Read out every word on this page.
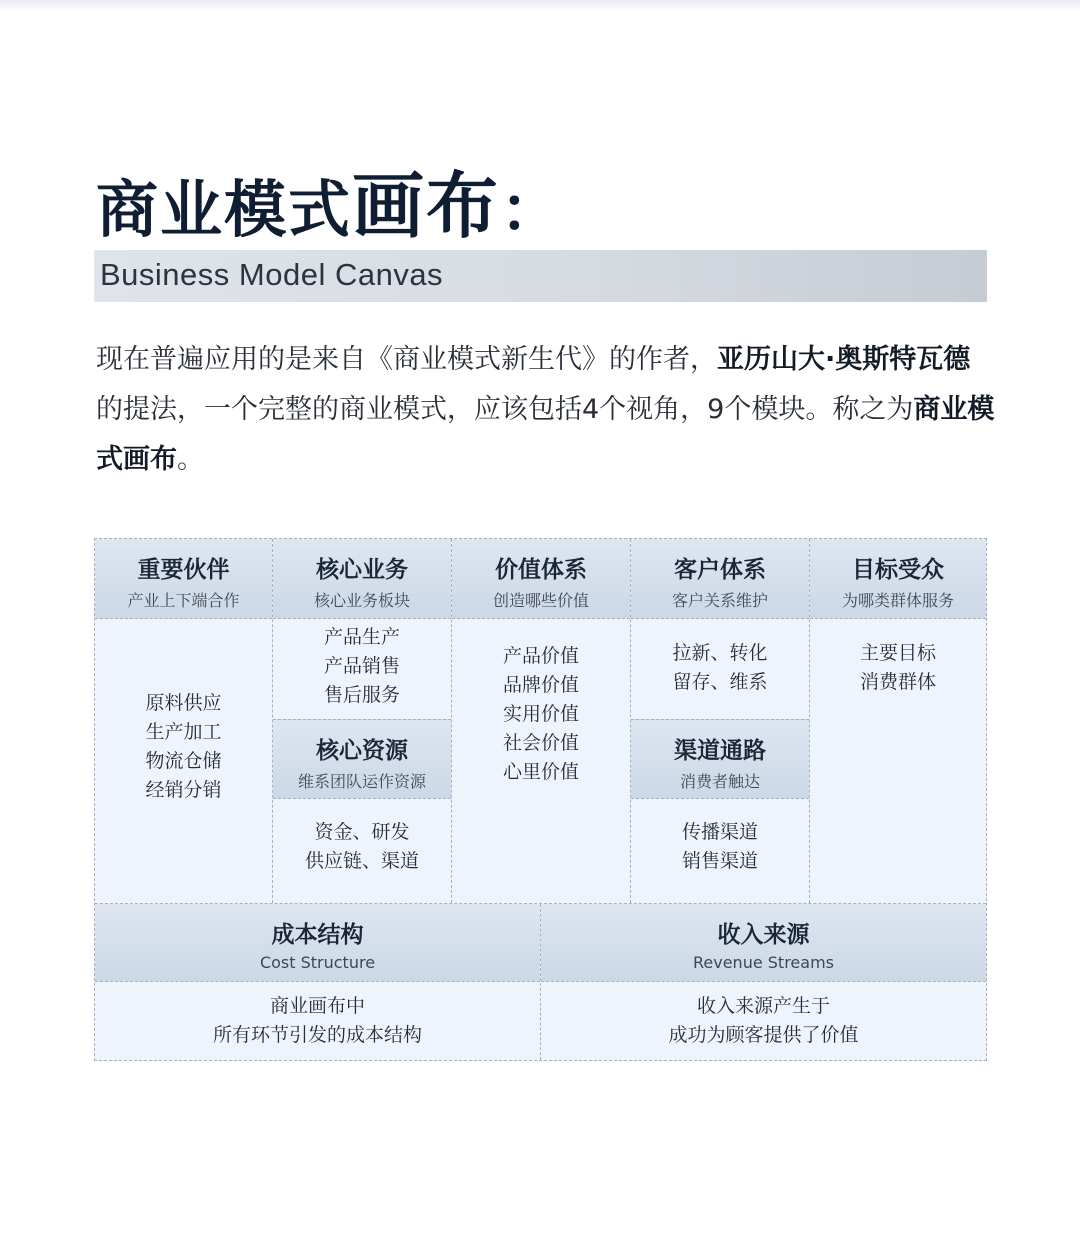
商业模式画布：
Business Model Canvas
现在普遍应用的是来自《商业模式新生代》的作者，亚历山大·奥斯特瓦德的提法，一个完整的商业模式，应该包括4个视角，9个模块。称之为商业模式画布。
重要伙伴
产业上下端合作
原料供应
生产加工
物流仓储
经销分销
核心业务
核心业务板块
产品生产
产品销售
售后服务
核心资源
维系团队运作资源
资金、研发
供应链、渠道
价值体系
创造哪些价值
产品价值
品牌价值
实用价值
社会价值
心里价值
客户体系
客户关系维护
拉新、转化
留存、维系
渠道通路
消费者触达
传播渠道
销售渠道
目标受众
为哪类群体服务
主要目标
消费群体
成本结构
Cost Structure
商业画布中
所有环节引发的成本结构
收入来源
Revenue Streams
收入来源产生于
成功为顾客提供了价值
